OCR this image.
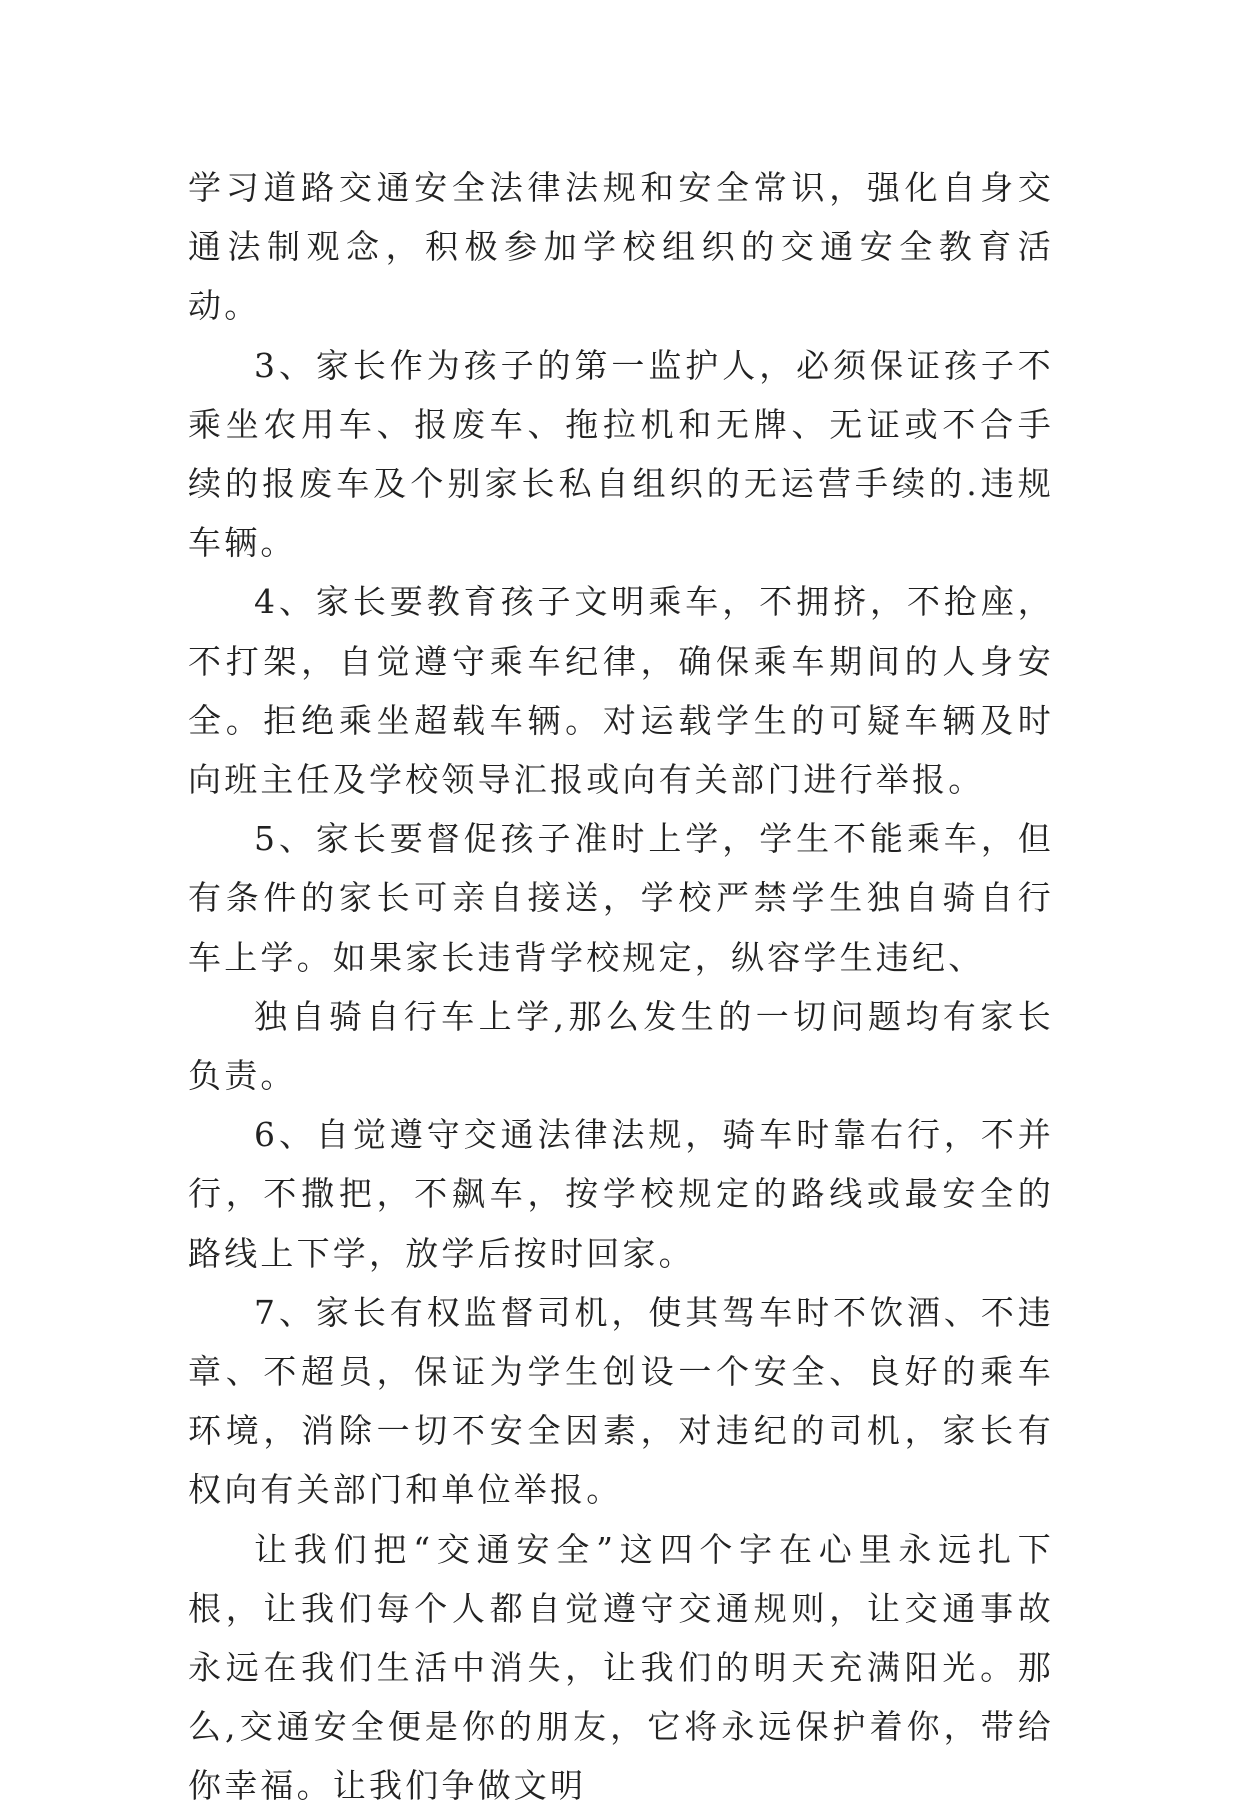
学习道路交通安全法律法规和安全常识，强化自身交通法制观念，积极参加学校组织的交通安全教育活动。

3、家长作为孩子的第一监护人，必须保证孩子不乘坐农用车、报废车、拖拉机和无牌、无证或不合手续的报废车及个别家长私自组织的无运营手续的.违规车辆。

4、家长要教育孩子文明乘车，不拥挤，不抢座，不打架，自觉遵守乘车纪律，确保乘车期间的人身安全。拒绝乘坐超载车辆。对运载学生的可疑车辆及时向班主任及学校领导汇报或向有关部门进行举报。

5、家长要督促孩子准时上学，学生不能乘车，但有条件的家长可亲自接送，学校严禁学生独自骑自行车上学。如果家长违背学校规定，纵容学生违纪、

独自骑自行车上学,那么发生的一切问题均有家长负责。

6、自觉遵守交通法律法规，骑车时靠右行，不并行，不撒把，不飙车，按学校规定的路线或最安全的路线上下学，放学后按时回家。

7、家长有权监督司机，使其驾车时不饮酒、不违章、不超员，保证为学生创设一个安全、良好的乘车环境，消除一切不安全因素，对违纪的司机，家长有权向有关部门和单位举报。

让我们把“交通安全”这四个字在心里永远扎下根，让我们每个人都自觉遵守交通规则，让交通事故永远在我们生活中消失，让我们的明天充满阳光。那么,交通安全便是你的朋友，它将永远保护着你，带给你幸福。让我们争做文明
